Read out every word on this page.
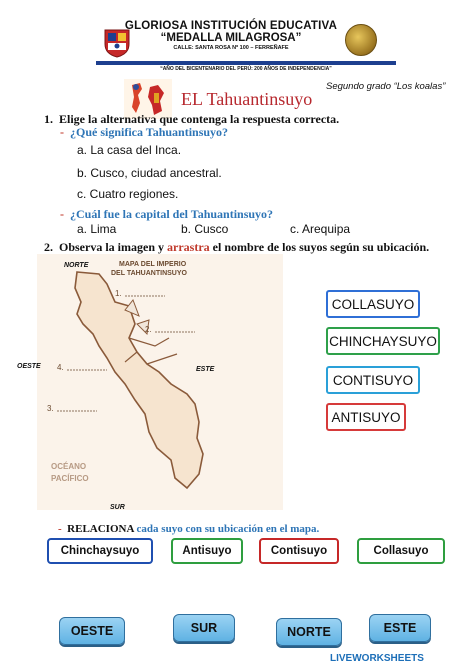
GLORIOSA INSTITUCIÓN EDUCATIVA
“MEDALLA MILAGROSA”
CALLE: SANTA ROSA Nº 100 – FERREÑAFE
“AÑO DEL BICENTENARIO DEL PERÚ: 200 AÑOS DE INDEPENDENCIA”
Segundo grado “Los koalas”
EL Tahuantinsuyo
1. Elige la alternativa que contenga la respuesta correcta.
- ¿Qué significa Tahuantinsuyo?
a. La casa del Inca.
b. Cusco, ciudad ancestral.
c. Cuatro regiones.
- ¿Cuál fue la capital del Tahuantinsuyo?
a. Lima	b. Cusco	c. Arequipa
2. Observa la imagen y arrastra el nombre de los suyos según su ubicación.
MAPA DEL IMPERIO
DEL TAHUANTINSUYO
1.
2.
3.
4.
OCÉANO
PACÍFICO
NORTE
SUR
OESTE	ESTE
COLLASUYO
CHINCHAYSUYO
CONTISUYO
ANTISUYO
- RELACIONA cada suyo con su ubicación en el mapa.
Chinchaysuyo	Antisuyo	Contisuyo	Collasuyo
OESTE	SUR	NORTE	ESTE
LIVEWORKSHEETS
